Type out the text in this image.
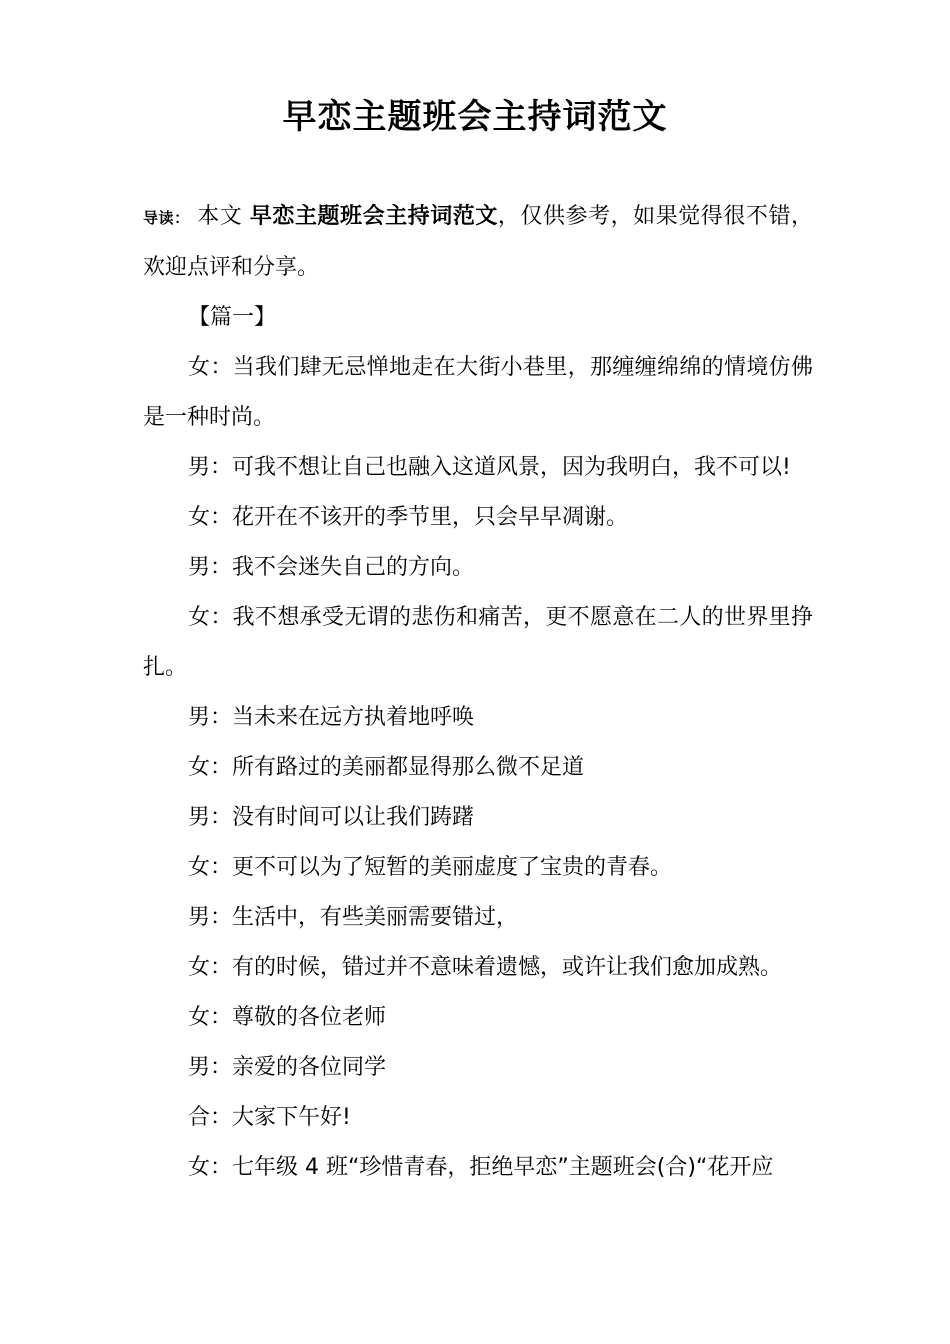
早恋主题班会主持词范文

导读： 本文 早恋主题班会主持词范文，仅供参考，如果觉得很不错，欢迎点评和分享。

【篇一】

女：当我们肆无忌惮地走在大街小巷里，那缠缠绵绵的情境仿佛是一种时尚。

男：可我不想让自己也融入这道风景，因为我明白，我不可以!

女：花开在不该开的季节里，只会早早凋谢。

男：我不会迷失自己的方向。

女：我不想承受无谓的悲伤和痛苦，更不愿意在二人的世界里挣扎。

男：当未来在远方执着地呼唤

女：所有路过的美丽都显得那么微不足道

男：没有时间可以让我们踌躇

女：更不可以为了短暂的美丽虚度了宝贵的青春。

男：生活中，有些美丽需要错过，

女：有的时候，错过并不意味着遗憾，或许让我们愈加成熟。

女：尊敬的各位老师

男：亲爱的各位同学

合：大家下午好!

女：七年级 4 班“珍惜青春，拒绝早恋”主题班会(合)“花开应
